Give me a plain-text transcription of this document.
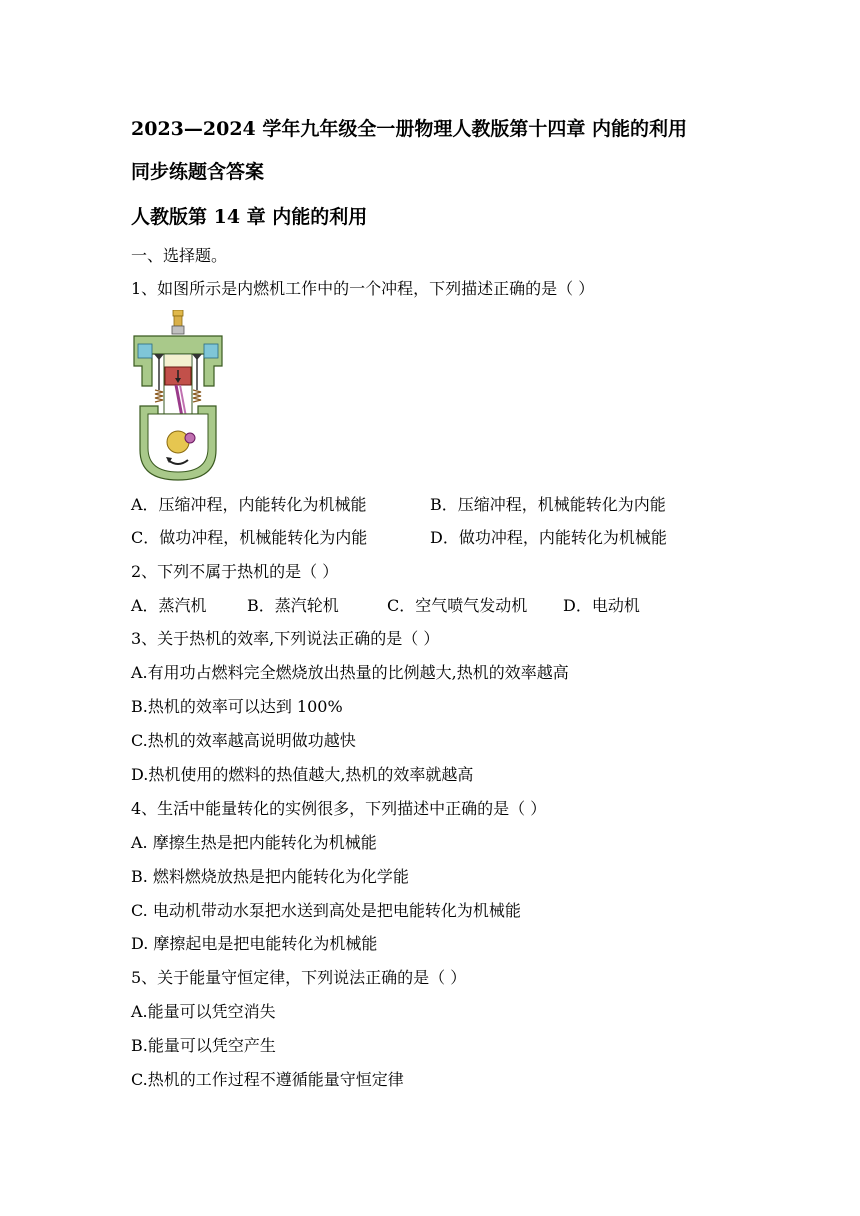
2023—2024 学年九年级全一册物理人教版第十四章 内能的利用
同步练题含答案
人教版第 14 章 内能的利用
一、选择题。
1、如图所示是内燃机工作中的一个冲程，下列描述正确的是（ ）
A．压缩冲程，内能转化为机械能	B．压缩冲程，机械能转化为内能
C．做功冲程，机械能转化为内能	D．做功冲程，内能转化为机械能
2、下列不属于热机的是（ ）
A．蒸汽机	B．蒸汽轮机	C．空气喷气发动机 D．电动机
3、关于热机的效率,下列说法正确的是（ ）
A.有用功占燃料完全燃烧放出热量的比例越大,热机的效率越高
B.热机的效率可以达到 100%
C.热机的效率越高说明做功越快
D.热机使用的燃料的热值越大,热机的效率就越高
4、生活中能量转化的实例很多，下列描述中正确的是（ ）
A. 摩擦生热是把内能转化为机械能
B. 燃料燃烧放热是把内能转化为化学能
C. 电动机带动水泵把水送到高处是把电能转化为机械能
D. 摩擦起电是把电能转化为机械能
5、关于能量守恒定律，下列说法正确的是（ ）
A.能量可以凭空消失
B.能量可以凭空产生
C.热机的工作过程不遵循能量守恒定律
